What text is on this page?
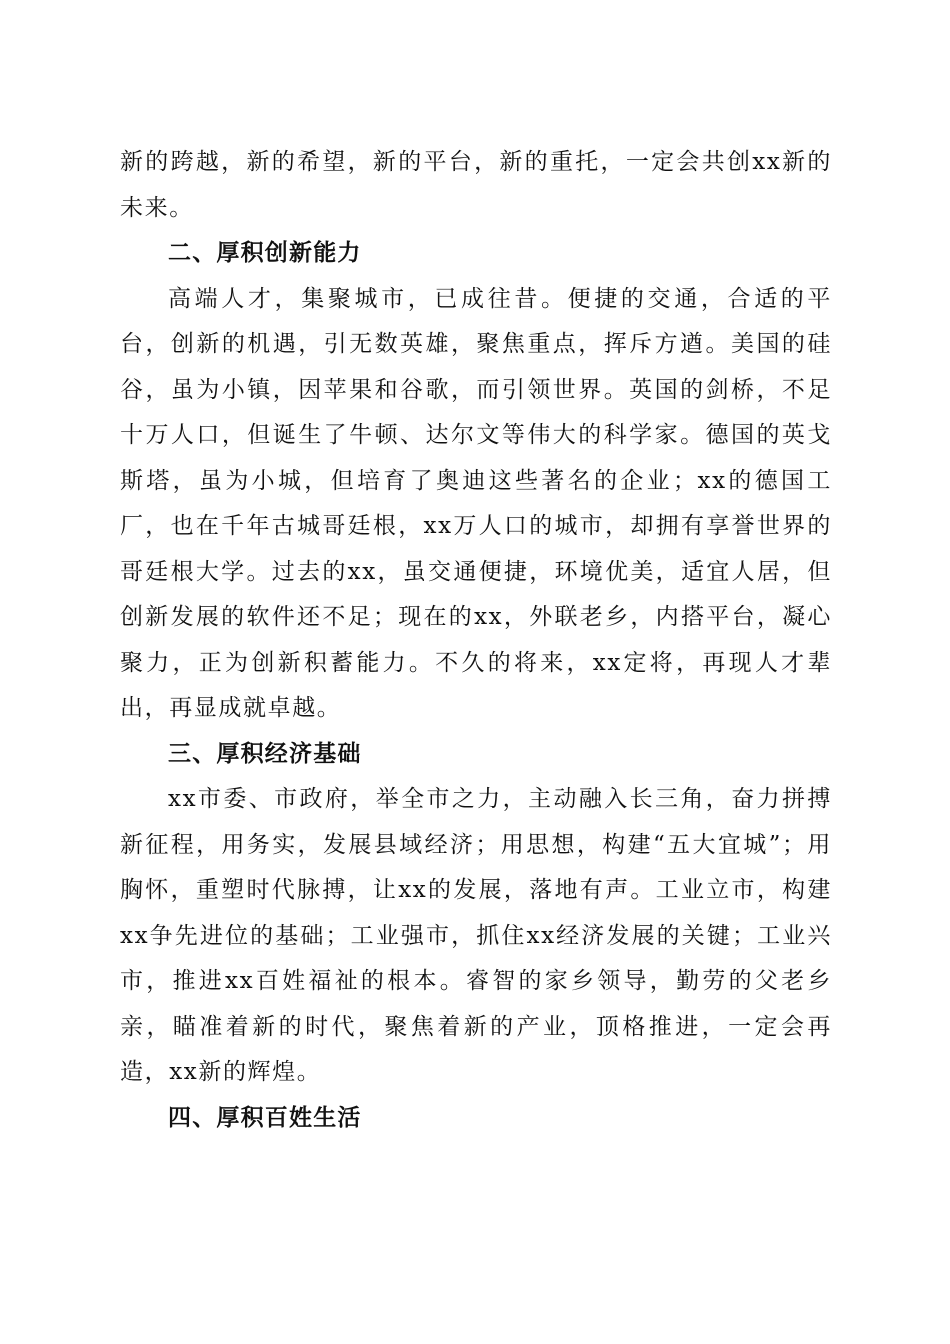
新的跨越，新的希望，新的平台，新的重托，一定会共创xx新的未来。

二、厚积创新能力

高端人才，集聚城市，已成往昔。便捷的交通，合适的平台，创新的机遇，引无数英雄，聚焦重点，挥斥方遒。美国的硅谷，虽为小镇，因苹果和谷歌，而引领世界。英国的剑桥，不足十万人口，但诞生了牛顿、达尔文等伟大的科学家。德国的英戈斯塔，虽为小城，但培育了奥迪这些著名的企业；xx的德国工厂，也在千年古城哥廷根，xx万人口的城市，却拥有享誉世界的哥廷根大学。过去的xx，虽交通便捷，环境优美，适宜人居，但创新发展的软件还不足；现在的xx，外联老乡，内搭平台，凝心聚力，正为创新积蓄能力。不久的将来，xx定将，再现人才辈出，再显成就卓越。

三、厚积经济基础

xx市委、市政府，举全市之力，主动融入长三角，奋力拼搏新征程，用务实，发展县域经济；用思想，构建“五大宜城”；用胸怀，重塑时代脉搏，让xx的发展，落地有声。工业立市，构建xx争先进位的基础；工业强市，抓住xx经济发展的关键；工业兴市，推进xx百姓福祉的根本。睿智的家乡领导，勤劳的父老乡亲，瞄准着新的时代，聚焦着新的产业，顶格推进，一定会再造，xx新的辉煌。

四、厚积百姓生活
